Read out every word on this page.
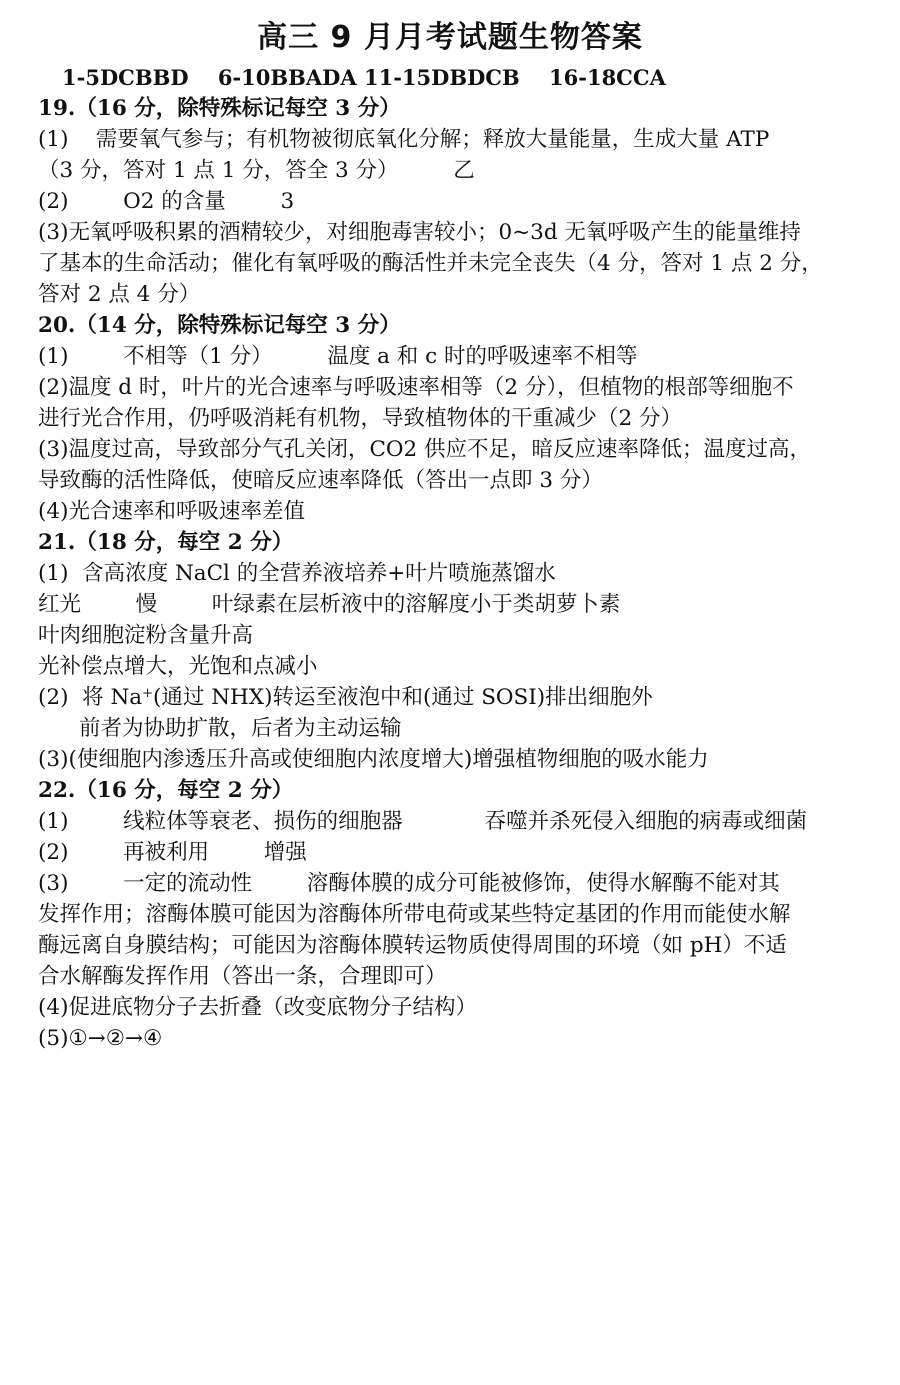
高三 9 月月考试题生物答案
1-5DCBBD    6-10BBADA 11-15DBDCB    16-18CCA
19.（16 分，除特殊标记每空 3 分）
(1)    需要氧气参与；有机物被彻底氧化分解；释放大量能量，生成大量 ATP
（3 分，答对 1 点 1 分，答全 3 分）        乙
(2)        O2 的含量        3
(3)无氧呼吸积累的酒精较少，对细胞毒害较小；0~3d 无氧呼吸产生的能量维持
了基本的生命活动；催化有氧呼吸的酶活性并未完全丧失（4 分，答对 1 点 2 分，
答对 2 点 4 分）
20.（14 分，除特殊标记每空 3 分）
(1)        不相等（1 分）        温度 a 和 c 时的呼吸速率不相等
(2)温度 d 时，叶片的光合速率与呼吸速率相等（2 分），但植物的根部等细胞不
进行光合作用，仍呼吸消耗有机物，导致植物体的干重减少（2 分）
(3)温度过高，导致部分气孔关闭，CO2 供应不足，暗反应速率降低；温度过高，
导致酶的活性降低，使暗反应速率降低（答出一点即 3 分）
(4)光合速率和呼吸速率差值
21.（18 分，每空 2 分）
(1)  含高浓度 NaCl 的全营养液培养+叶片喷施蒸馏水
红光        慢        叶绿素在层析液中的溶解度小于类胡萝卜素
叶肉细胞淀粉含量升高
光补偿点增大，光饱和点减小
(2)  将 Na+(通过 NHX)转运至液泡中和(通过 SOSI)排出细胞外
前者为协助扩散，后者为主动运输
(3)(使细胞内渗透压升高或使细胞内浓度增大)增强植物细胞的吸水能力
22.（16 分，每空 2 分）
(1)        线粒体等衰老、损伤的细胞器            吞噬并杀死侵入细胞的病毒或细菌
(2)        再被利用        增强
(3)        一定的流动性        溶酶体膜的成分可能被修饰，使得水解酶不能对其
发挥作用；溶酶体膜可能因为溶酶体所带电荷或某些特定基团的作用而能使水解
酶远离自身膜结构；可能因为溶酶体膜转运物质使得周围的环境（如 pH）不适
合水解酶发挥作用（答出一条，合理即可）
(4)促进底物分子去折叠（改变底物分子结构）
(5)①→②→④
